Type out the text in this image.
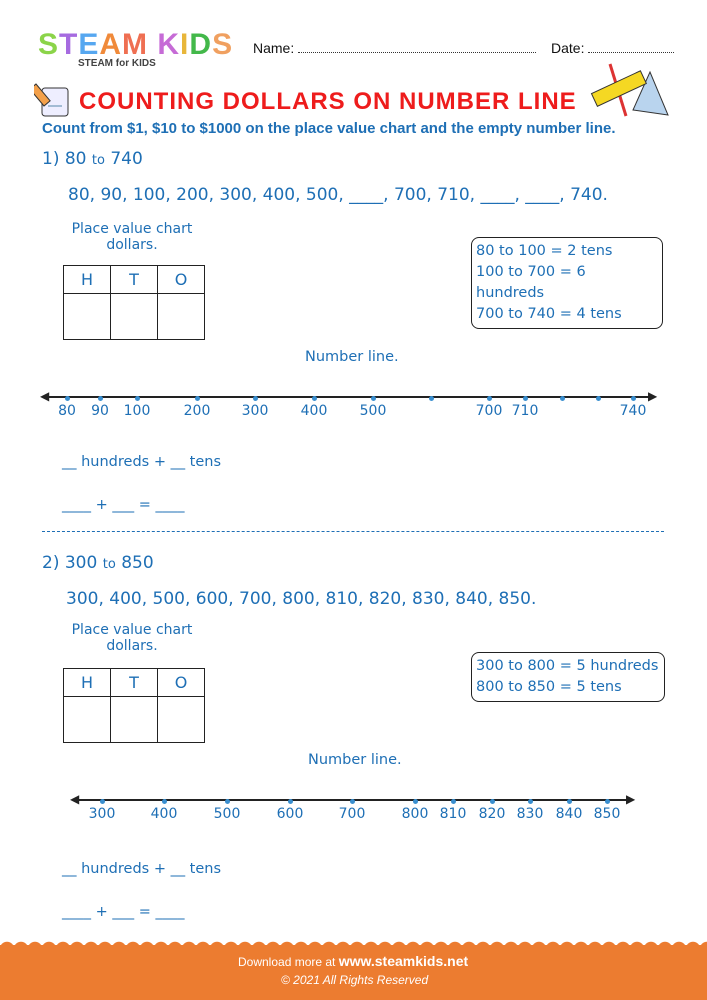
STEAM KIDS
STEAM for KIDS
Name:	Date:
COUNTING DOLLARS ON NUMBER LINE
Count from $1, $10 to $1000 on the place value chart and the empty number line.
1) 80 to 740
80, 90, 100, 200, 300, 400, 500, ____, 700, 710, ____, ____, 740.
Place value chart
dollars.
H	T	O

80 to 100 = 2 tens
100 to 700 = 6 hundreds
700 to 740 = 4 tens
Number line.
◀	▶
80 90 100 200 300 400 500	700 710	740
__ hundreds + __ tens
____ + ___ = ____
2) 300 to 850
300, 400, 500, 600, 700, 800, 810, 820, 830, 840, 850.
Place value chart
dollars.
H	T	O

300 to 800 = 5 hundreds
800 to 850 = 5 tens
Number line.
◀	▶
300	400	500	600	700	800 810 820 830 840 850
__ hundreds + __ tens
____ + ___ = ____
Download more at www.steamkids.net
© 2021 All Rights Reserved
